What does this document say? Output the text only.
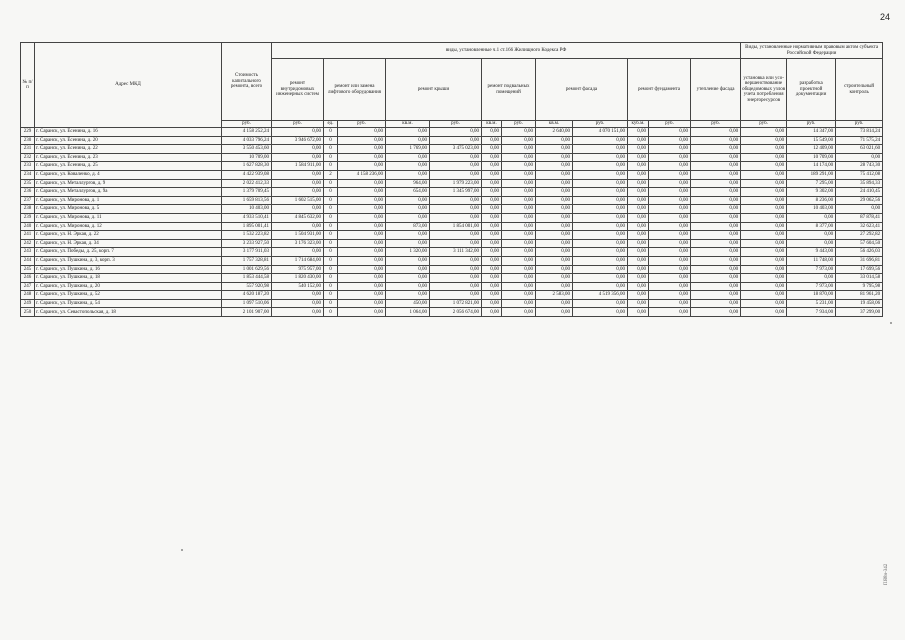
24
ПЯ8н-342
№ п/п	Адрес МКД	Стоимость капитального ремонта, всего	виды, установленные ч.1 ст.166 Жилищного Кодекса РФ												Виды, установленные нормативным правовым актом субъекта Российской Федерации		
			ремонт внутридомовых инженерных систем	ремонт или замена лифтового оборудования		ремонт крыши		ремонт подвальных помещений		ремонт фасада		ремонт фундамента		утепление фасада	установка или усо- вершенствование общедомовых узлов учета потребления энергоресурсов	разработка проектной документации	строительный контроль
		руб.	руб.	ед.	руб.	кв.м.	руб.	кв.м.	руб.	кв.м.	руб.	куб.м.	руб.	руб.	руб.	руб.	руб.
229	г. Саранск, ул. Есенина, д. 16	4 158 252,24	0,00	0	0,00	0,00	0,00	0,00	0,00	2 640,00	4 070 151,00	0,00	0,00	0,00	0,00	14 347,00	73 814,24
230	г. Саранск, ул. Есенина, д. 20	4 033 796,24	3 946 672,00	0	0,00	0,00	0,00	0,00	0,00	0,00	0,00	0,00	0,00	0,00	0,00	15 549,00	71 575,24
231	г. Саранск, ул. Есенина, д. 22	3 550 453,60	0,00	0	0,00	1 769,00	3 475 023,00	0,00	0,00	0,00	0,00	0,00	0,00	0,00	0,00	12 409,00	63 021,60
232	г. Саранск, ул. Есенина, д. 23	10 709,00	0,00	0	0,00	0,00	0,00	0,00	0,00	0,00	0,00	0,00	0,00	0,00	0,00	10 709,00	0,00
233	г. Саранск, ул. Есенина, д. 25	1 627 828,30	1 584 911,00	0	0,00	0,00	0,00	0,00	0,00	0,00	0,00	0,00	0,00	0,00	0,00	14 174,00	28 743,30
234	г. Саранск, ул. Коваленко, д. 4	4 422 939,08	0,00	2	4 158 236,00	0,00	0,00	0,00	0,00	0,00	0,00	0,00	0,00	0,00	0,00	189 291,00	75 412,08
235	г. Саранск, ул. Металлургов, д. 9	2 022 412,33	0,00	0	0,00	964,00	1 979 223,00	0,00	0,00	0,00	0,00	0,00	0,00	0,00	0,00	7 295,00	35 894,33
236	г. Саранск, ул. Металлургов, д. 9а	1 379 709,45	0,00	0	0,00	654,00	1 345 997,00	0,00	0,00	0,00	0,00	0,00	0,00	0,00	0,00	9 302,00	24 410,45
237	г. Саранск, ул. Миронова, д. 1	1 659 813,56	1 602 515,00	0	0,00	0,00	0,00	0,00	0,00	0,00	0,00	0,00	0,00	0,00	0,00	8 236,00	29 062,56
238	г. Саранск, ул. Миронова, д. 5	10 403,00	0,00	0	0,00	0,00	0,00	0,00	0,00	0,00	0,00	0,00	0,00	0,00	0,00	10 403,00	0,00
239	г. Саранск, ул. Миронова, д. 11	4 933 510,41	4 845 632,00	0	0,00	0,00	0,00	0,00	0,00	0,00	0,00	0,00	0,00	0,00	0,00	0,00	87 878,41
240	г. Саранск, ул. Миронова, д. 12	1 895 001,41	0,00	0	0,00	873,00	1 854 001,00	0,00	0,00	0,00	0,00	0,00	0,00	0,00	0,00	8 377,00	32 623,41
241	г. Саранск, ул. Н. Эркая, д. 22	1 532 223,82	1 504 931,00	0	0,00	0,00	0,00	0,00	0,00	0,00	0,00	0,00	0,00	0,00	0,00	0,00	27 292,82
242	г. Саранск, ул. Н. Эркая, д. 34	3 233 927,50	3 176 323,00	0	0,00	0,00	0,00	0,00	0,00	0,00	0,00	0,00	0,00	0,00	0,00	0,00	57 604,50
243	г. Саранск, ул. Победы, д. 25, корп. 7	3 177 911,03	0,00	0	0,00	1 320,00	3 111 342,00	0,00	0,00	0,00	0,00	0,00	0,00	0,00	0,00	9 443,00	56 426,03
244	г. Саранск, ул. Пушкина, д. 3, корп. 3	1 757 328,81	1 714 684,00	0	0,00	0,00	0,00	0,00	0,00	0,00	0,00	0,00	0,00	0,00	0,00	11 748,00	31 696,81
245	г. Саранск, ул. Пушкина, д. 16	1 001 629,56	975 957,00	0	0,00	0,00	0,00	0,00	0,00	0,00	0,00	0,00	0,00	0,00	0,00	7 973,00	17 699,56
246	г. Саранск, ул. Пушкина, д. 18	1 853 444,58	1 820 430,00	0	0,00	0,00	0,00	0,00	0,00	0,00	0,00	0,00	0,00	0,00	0,00	0,00	33 014,58
247	г. Саранск, ул. Пушкина, д. 20	557 920,98	540 152,00	0	0,00	0,00	0,00	0,00	0,00	0,00	0,00	0,00	0,00	0,00	0,00	7 973,00	9 795,98
248	г. Саранск, ул. Пушкина, д. 52	4 620 187,20	0,00	0	0,00	0,00	0,00	0,00	0,00	2 583,00	4 519 356,00	0,00	0,00	0,00	0,00	18 870,00	81 961,20
249	г. Саранск, ул. Пушкина, д. 54	1 097 510,06	0,00	0	0,00	450,00	1 072 821,00	0,00	0,00	0,00	0,00	0,00	0,00	0,00	0,00	5 231,00	19 458,06
250	г. Саранск, ул. Севастопольская, д. 18	2 101 907,00	0,00	0	0,00	1 064,00	2 056 674,00	0,00	0,00	0,00	0,00	0,00	0,00	0,00	0,00	7 934,00	37 299,00
